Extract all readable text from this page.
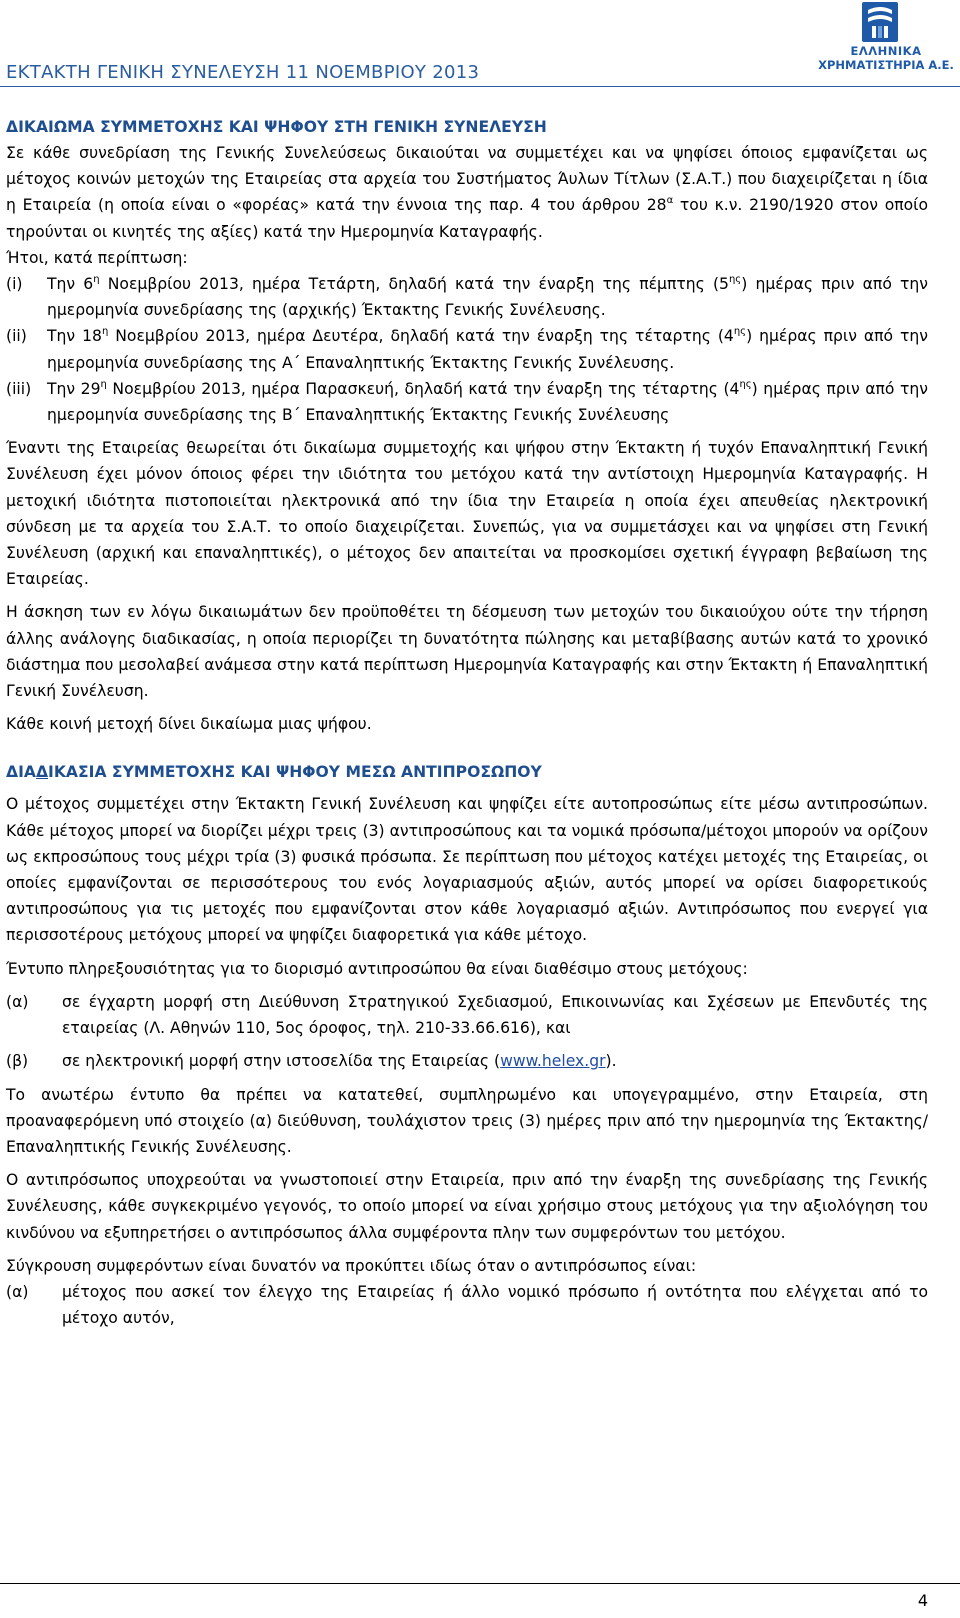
ΕΚΤΑΚΤΗ ΓΕΝΙΚΗ ΣΥΝΕΛΕΥΣΗ 11 ΝΟΕΜΒΡΙΟΥ 2013
ΕΛΛΗΝΙΚΑ
ΧΡΗΜΑΤΙΣΤΗΡΙΑ Α.Ε.
ΔΙΚΑΙΩΜΑ ΣΥΜΜΕΤΟΧΗΣ ΚΑΙ ΨΗΦΟΥ ΣΤΗ ΓΕΝΙΚΗ ΣΥΝΕΛΕΥΣΗ

Σε κάθε συνεδρίαση της Γενικής Συνελεύσεως δικαιούται να συμμετέχει και να ψηφίσει όποιος εμφανίζεται ως μέτοχος κοινών μετοχών της Εταιρείας στα αρχεία του Συστήματος Άυλων Τίτλων (Σ.Α.Τ.) που διαχειρίζεται η ίδια η Εταιρεία (η οποία είναι ο «φορέας» κατά την έννοια της παρ. 4 του άρθρου $28^\alpha$ του κ.ν. 2190/1920 στον οποίο τηρούνται οι κινητές της αξίες) κατά την Ημερομηνία Καταγραφής.

Ήτοι, κατά περίπτωση:

(i)	Την $6^\eta$ Νοεμβρίου 2013, ημέρα Τετάρτη, δηλαδή κατά την έναρξη της πέμπτης $(5^{\eta\varsigma})$ ημέρας πριν από την ημερομηνία συνεδρίασης της (αρχικής) Έκτακτης Γενικής Συνέλευσης.
(ii)	Την $18^\eta$ Νοεμβρίου 2013, ημέρα Δευτέρα, δηλαδή κατά την έναρξη της τέταρτης $(4^{\eta\varsigma})$ ημέρας πριν από την ημερομηνία συνεδρίασης της Α΄ Επαναληπτικής Έκτακτης Γενικής Συνέλευσης.
(iii)	Την $29^\eta$ Νοεμβρίου 2013, ημέρα Παρασκευή, δηλαδή κατά την έναρξη της τέταρτης $(4^{\eta\varsigma})$ ημέρας πριν από την ημερομηνία συνεδρίασης της Β΄ Επαναληπτικής Έκτακτης Γενικής Συνέλευσης

Έναντι της Εταιρείας θεωρείται ότι δικαίωμα συμμετοχής και ψήφου στην Έκτακτη ή τυχόν Επαναληπτική Γενική Συνέλευση έχει μόνον όποιος φέρει την ιδιότητα του μετόχου κατά την αντίστοιχη Ημερομηνία Καταγραφής. Η μετοχική ιδιότητα πιστοποιείται ηλεκτρονικά από την ίδια την Εταιρεία η οποία έχει απευθείας ηλεκτρονική σύνδεση με τα αρχεία του Σ.Α.Τ. το οποίο διαχειρίζεται. Συνεπώς, για να συμμετάσχει και να ψηφίσει στη Γενική Συνέλευση (αρχική και επαναληπτικές), ο μέτοχος δεν απαιτείται να προσκομίσει σχετική έγγραφη βεβαίωση της Εταιρείας.

Η άσκηση των εν λόγω δικαιωμάτων δεν προϋποθέτει τη δέσμευση των μετοχών του δικαιούχου ούτε την τήρηση άλλης ανάλογης διαδικασίας, η οποία περιορίζει τη δυνατότητα πώλησης και μεταβίβασης αυτών κατά το χρονικό διάστημα που μεσολαβεί ανάμεσα στην κατά περίπτωση Ημερομηνία Καταγραφής και στην Έκτακτη ή Επαναληπτική Γενική Συνέλευση.

Κάθε κοινή μετοχή δίνει δικαίωμα μιας ψήφου.

ΔΙΑΔΙΚΑΣΙΑ ΣΥΜΜΕΤΟΧΗΣ ΚΑΙ ΨΗΦΟΥ ΜΕΣΩ ΑΝΤΙΠΡΟΣΩΠΟΥ

Ο μέτοχος συμμετέχει στην Έκτακτη Γενική Συνέλευση και ψηφίζει είτε αυτοπροσώπως είτε μέσω αντιπροσώπων. Κάθε μέτοχος μπορεί να διορίζει μέχρι τρεις (3) αντιπροσώπους και τα νομικά πρόσωπα/μέτοχοι μπορούν να ορίζουν ως εκπροσώπους τους μέχρι τρία (3) φυσικά πρόσωπα. Σε περίπτωση που μέτοχος κατέχει μετοχές της Εταιρείας, οι οποίες εμφανίζονται σε περισσότερους του ενός λογαριασμούς αξιών, αυτός μπορεί να ορίσει διαφορετικούς αντιπροσώπους για τις μετοχές που εμφανίζονται στον κάθε λογαριασμό αξιών. Αντιπρόσωπος που ενεργεί για περισσοτέρους μετόχους μπορεί να ψηφίζει διαφορετικά για κάθε μέτοχο.

Έντυπο πληρεξουσιότητας για το διορισμό αντιπροσώπου θα είναι διαθέσιμο στους μετόχους:

(α)	σε έγχαρτη μορφή στη Διεύθυνση Στρατηγικού Σχεδιασμού, Επικοινωνίας και Σχέσεων με Επενδυτές της εταιρείας (Λ. Αθηνών 110, 5ος όροφος, τηλ. 210-33.66.616), και
(β)	σε ηλεκτρονική μορφή στην ιστοσελίδα της Εταιρείας (www.helex.gr).

Το ανωτέρω έντυπο θα πρέπει να κατατεθεί, συμπληρωμένο και υπογεγραμμένο, στην Εταιρεία, στη προαναφερόμενη υπό στοιχείο (α) διεύθυνση, τουλάχιστον τρεις (3) ημέρες πριν από την ημερομηνία της Έκτακτης/ Επαναληπτικής Γενικής Συνέλευσης.

Ο αντιπρόσωπος υποχρεούται να γνωστοποιεί στην Εταιρεία, πριν από την έναρξη της συνεδρίασης της Γενικής Συνέλευσης, κάθε συγκεκριμένο γεγονός, το οποίο μπορεί να είναι χρήσιμο στους μετόχους για την αξιολόγηση του κινδύνου να εξυπηρετήσει ο αντιπρόσωπος άλλα συμφέροντα πλην των συμφερόντων του μετόχου.

Σύγκρουση συμφερόντων είναι δυνατόν να προκύπτει ιδίως όταν ο αντιπρόσωπος είναι:

(α)	μέτοχος που ασκεί τον έλεγχο της Εταιρείας ή άλλο νομικό πρόσωπο ή οντότητα που ελέγχεται από το μέτοχο αυτόν,
4
